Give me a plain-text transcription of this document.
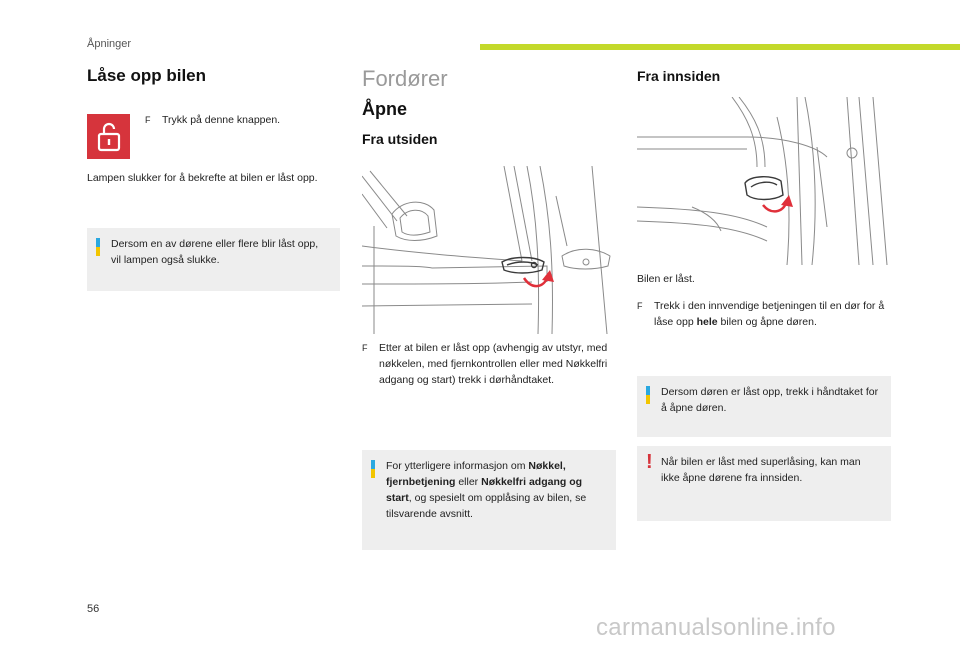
Åpninger
Låse opp bilen
F Trykk på denne knappen.
Lampen slukker for å bekrefte at bilen er låst opp.
Dersom en av dørene eller flere blir låst opp, vil lampen også slukke.
Fordører
Åpne
Fra utsiden
F Etter at bilen er låst opp (avhengig av utstyr, med nøkkelen, med fjernkontrollen eller med Nøkkelfri adgang og start) trekk i dørhåndtaket.
For ytterligere informasjon om Nøkkel, fjernbetjening eller Nøkkelfri adgang og start, og spesielt om opplåsing av bilen, se tilsvarende avsnitt.
Fra innsiden
Bilen er låst.
F Trekk i den innvendige betjeningen til en dør for å låse opp hele bilen og åpne døren.
Dersom døren er låst opp, trekk i håndtaket for å åpne døren.
! Når bilen er låst med superlåsing, kan man ikke åpne dørene fra innsiden.
56
carmanualsonline.info
